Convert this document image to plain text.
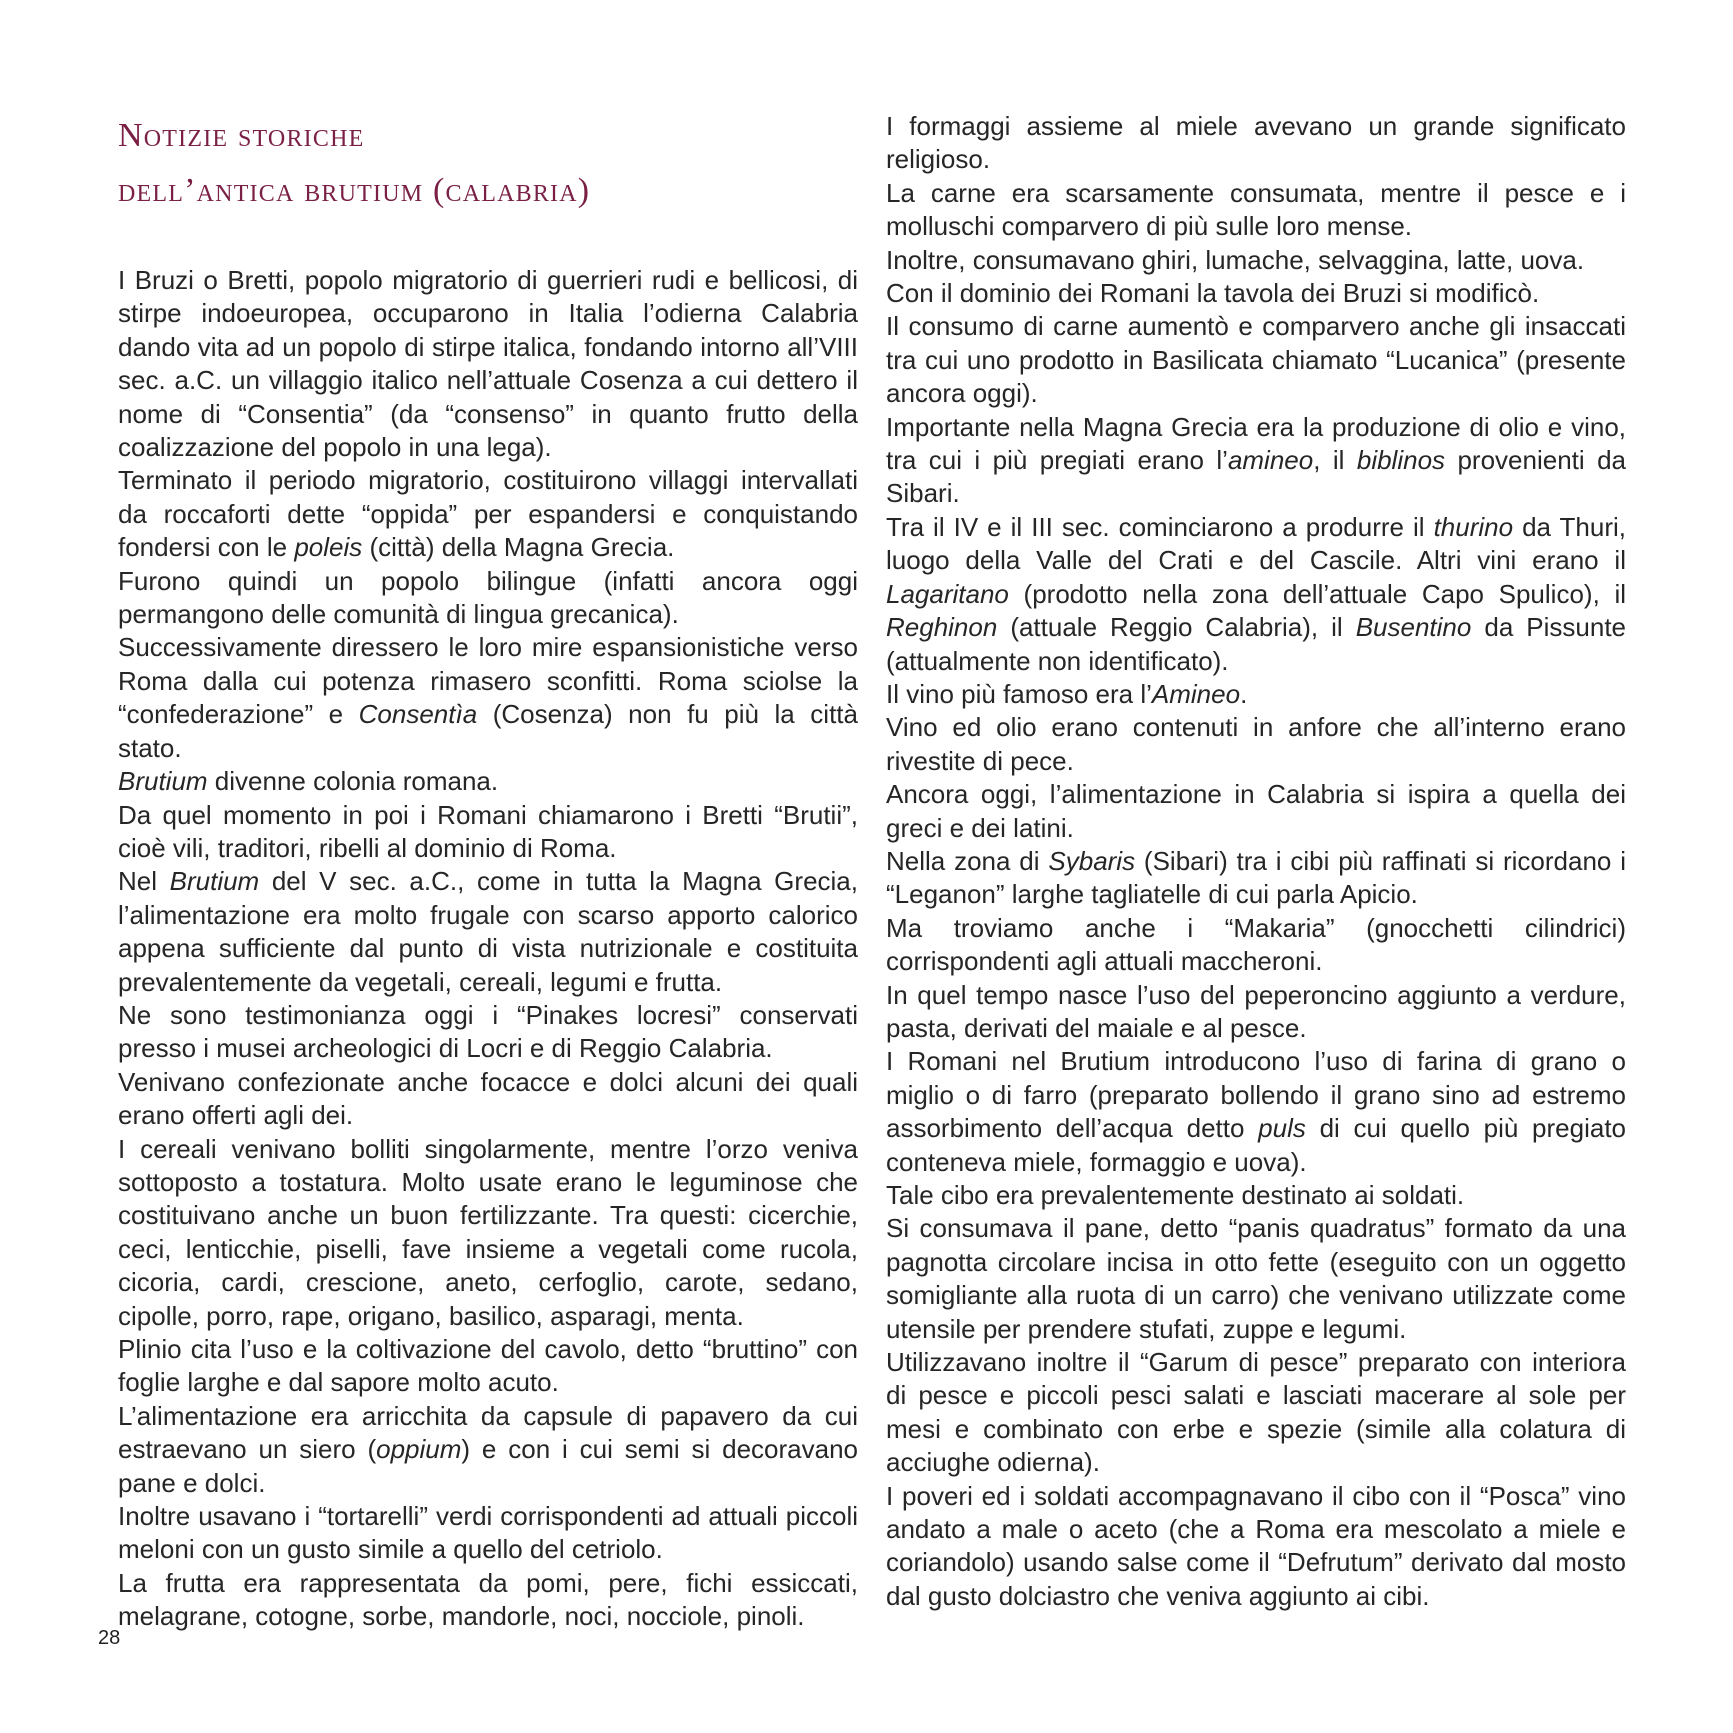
Notizie storiche
dell’antica brutium (calabria)

I Bruzi o Bretti, popolo migratorio di guerrieri rudi e bellicosi, di stirpe indoeuropea, occuparono in Italia l’odierna Calabria dando vita ad un popolo di stirpe italica, fondando intorno all’VIII sec. a.C. un villaggio italico nell’attuale Cosenza a cui dettero il nome di “Consentia” (da “consenso” in quanto frutto della coalizzazione del popolo in una lega).

Terminato il periodo migratorio, costituirono villaggi intervallati da roccaforti dette “oppida” per espandersi e conquistando fondersi con le poleis (città) della Magna Grecia.

Furono quindi un popolo bilingue (infatti ancora oggi permangono delle comunità di lingua grecanica).

Successivamente diressero le loro mire espansionistiche verso Roma dalla cui potenza rimasero sconfitti. Roma sciolse la “confederazione” e Consentìa (Cosenza) non fu più la città stato.

Brutium divenne colonia romana.

Da quel momento in poi i Romani chiamarono i Bretti “Brutii”, cioè vili, traditori, ribelli al dominio di Roma.

Nel Brutium del V sec. a.C., come in tutta la Magna Grecia, l’alimentazione era molto frugale con scarso apporto calorico appena sufficiente dal punto di vista nutrizionale e costituita prevalentemente da vegetali, cereali, legumi e frutta.

Ne sono testimonianza oggi i “Pinakes locresi” conservati presso i musei archeologici di Locri e di Reggio Calabria.

Venivano confezionate anche focacce e dolci alcuni dei quali erano offerti agli dei.

I cereali venivano bolliti singolarmente, mentre l’orzo veniva sottoposto a tostatura. Molto usate erano le leguminose che costituivano anche un buon fertilizzante. Tra questi: cicerchie, ceci, lenticchie, piselli, fave insieme a vegetali come rucola, cicoria, cardi, crescione, aneto, cerfoglio, carote, sedano, cipolle, porro, rape, origano, basilico, asparagi, menta.

Plinio cita l’uso e la coltivazione del cavolo, detto “bruttino” con foglie larghe e dal sapore molto acuto.

L’alimentazione era arricchita da capsule di papavero da cui estraevano un siero (oppium) e con i cui semi si decoravano pane e dolci.

Inoltre usavano i “tortarelli” verdi corrispondenti ad attuali piccoli meloni con un gusto simile a quello del cetriolo.

La frutta era rappresentata da pomi, pere, fichi essiccati, melagrane, cotogne, sorbe, mandorle, noci, nocciole, pinoli.

I formaggi assieme al miele avevano un grande significato religioso.

La carne era scarsamente consumata, mentre il pesce e i molluschi comparvero di più sulle loro mense.

Inoltre, consumavano ghiri, lumache, selvaggina, latte, uova.

Con il dominio dei Romani la tavola dei Bruzi si modificò.

Il consumo di carne aumentò e comparvero anche gli insaccati tra cui uno prodotto in Basilicata chiamato “Lucanica” (presente ancora oggi).

Importante nella Magna Grecia era la produzione di olio e vino, tra cui i più pregiati erano l’amineo, il biblinos provenienti da Sibari.

Tra il IV e il III sec. cominciarono a produrre il thurino da Thuri, luogo della Valle del Crati e del Cascile. Altri vini erano il Lagaritano (prodotto nella zona dell’attuale Capo Spulico), il Reghinon (attuale Reggio Calabria), il Busentino da Pissunte (attualmente non identificato).

Il vino più famoso era l’Amineo.

Vino ed olio erano contenuti in anfore che all’interno erano rivestite di pece.

Ancora oggi, l’alimentazione in Calabria si ispira a quella dei greci e dei latini.

Nella zona di Sybaris (Sibari) tra i cibi più raffinati si ricordano i “Leganon” larghe tagliatelle di cui parla Apicio.

Ma troviamo anche i “Makaria” (gnocchetti cilindrici) corrispondenti agli attuali maccheroni.

In quel tempo nasce l’uso del peperoncino aggiunto a verdure, pasta, derivati del maiale e al pesce.

I Romani nel Brutium introducono l’uso di farina di grano o miglio o di farro (preparato bollendo il grano sino ad estremo assorbimento dell’acqua detto puls di cui quello più pregiato conteneva miele, formaggio e uova).

Tale cibo era prevalentemente destinato ai soldati.

Si consumava il pane, detto “panis quadratus” formato da una pagnotta circolare incisa in otto fette (eseguito con un oggetto somigliante alla ruota di un carro) che venivano utilizzate come utensile per prendere stufati, zuppe e legumi.

Utilizzavano inoltre il “Garum di pesce” preparato con interiora di pesce e piccoli pesci salati e lasciati macerare al sole per mesi e combinato con erbe e spezie (simile alla colatura di acciughe odierna).

I poveri ed i soldati accompagnavano il cibo con il “Posca” vino andato a male o aceto (che a Roma era mescolato a miele e coriandolo) usando salse come il “Defrutum” derivato dal mosto dal gusto dolciastro che veniva aggiunto ai cibi.

28
